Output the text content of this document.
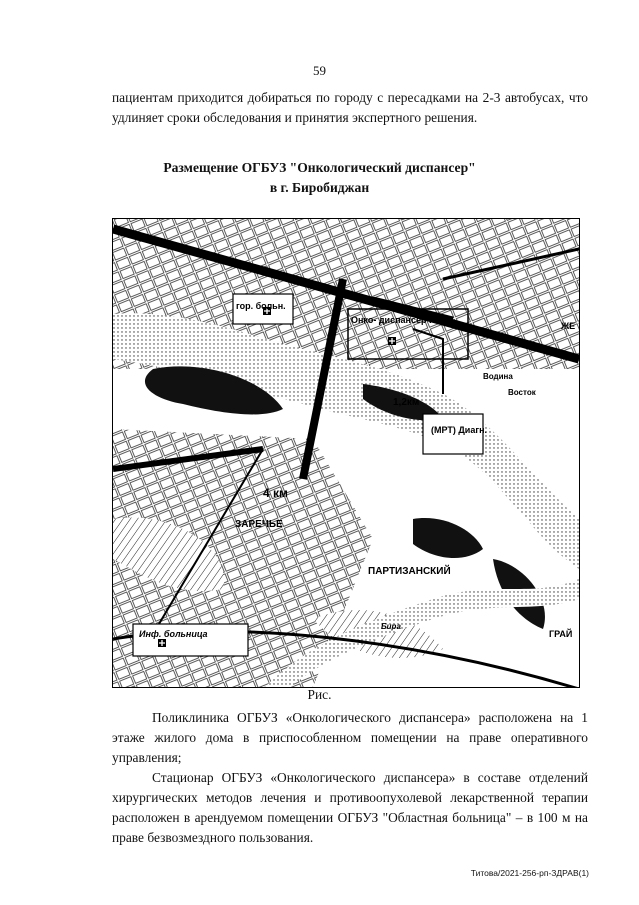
59

пациентам приходится добираться по городу с пересадками на 2-3 автобусах, что удлиняет сроки обследования и принятия экспертного решения.

Размещение ОГБУЗ "Онкологический диспансер"

в г. Биробиджан

гор. больн.
Онко- диспансер из.
1,2км
(МРТ) Диагн.
4 км
ЗАРЕЧЬЕ
ПАРТИЗАНСКИЙ
Инф. больница
Восток
Водина
ЖЕ
ГРАЙ
Бира
Рис.

Поликлиника ОГБУЗ «Онкологического диспансера» расположена на 1 этаже жилого дома в приспособленном помещении на праве оперативного управления;

Стационар ОГБУЗ «Онкологического диспансера» в составе отделений хирургических методов лечения и противоопухолевой лекарственной терапии расположен в арендуемом помещении ОГБУЗ "Областная больница" – в 100 м на праве безвозмездного пользования.

Титова/2021-256-рп-ЗДРАВ(1)
